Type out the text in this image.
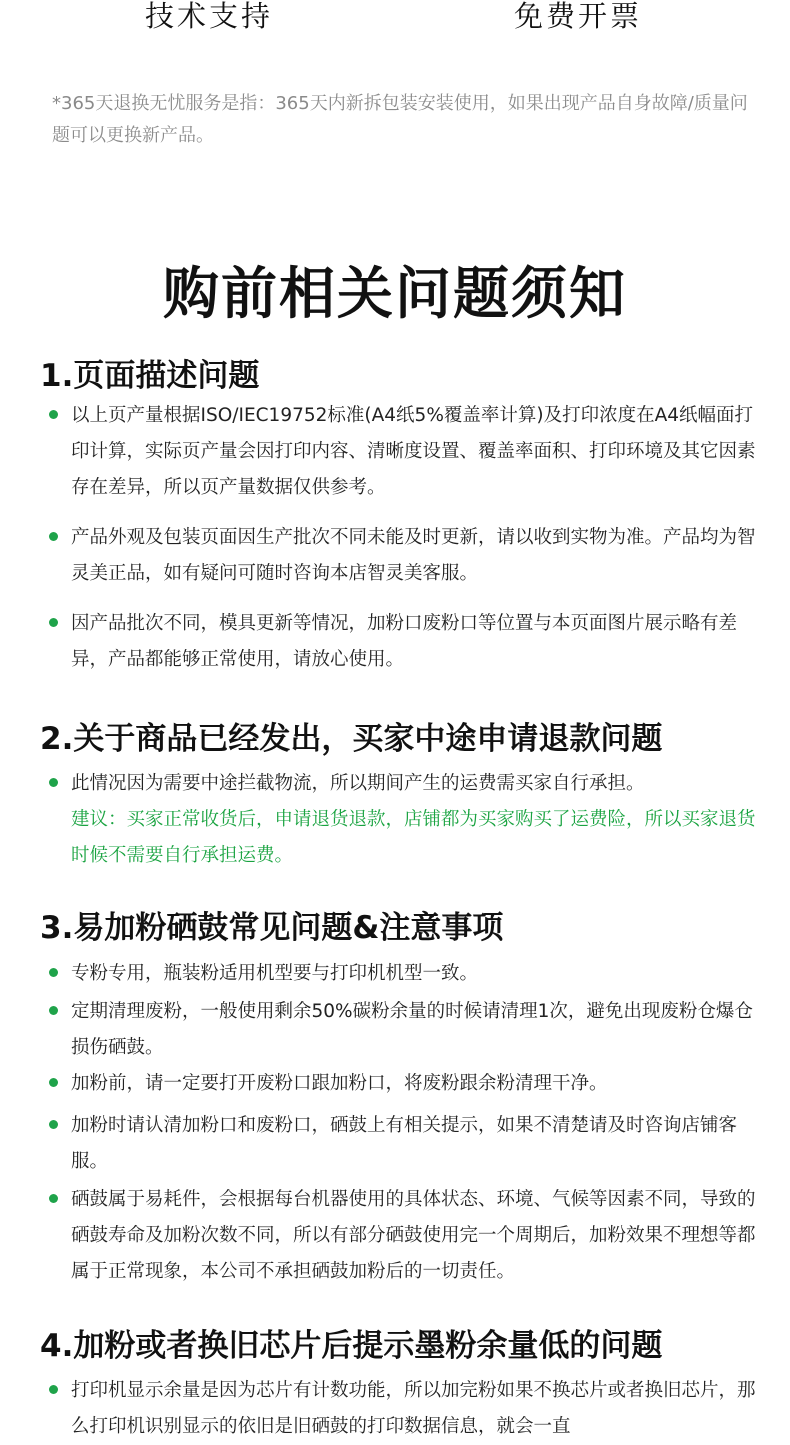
技术支持	免费开票
*365天退换无忧服务是指：365天内新拆包装安装使用，如果出现产品自身故障/质量问题可以更换新产品。
购前相关问题须知
1.页面描述问题
以上页产量根据ISO/IEC19752标准(A4纸5%覆盖率计算)及打印浓度在A4纸幅面打印计算，实际页产量会因打印内容、清晰度设置、覆盖率面积、打印环境及其它因素存在差异，所以页产量数据仅供参考。
产品外观及包装页面因生产批次不同未能及时更新，请以收到实物为准。产品均为智灵美正品，如有疑问可随时咨询本店智灵美客服。
因产品批次不同，模具更新等情况，加粉口废粉口等位置与本页面图片展示略有差异，产品都能够正常使用，请放心使用。
2.关于商品已经发出，买家中途申请退款问题
此情况因为需要中途拦截物流，所以期间产生的运费需买家自行承担。
建议：买家正常收货后，申请退货退款，店铺都为买家购买了运费险，所以买家退货时候不需要自行承担运费。
3.易加粉硒鼓常见问题&注意事项
专粉专用，瓶装粉适用机型要与打印机机型一致。
定期清理废粉，一般使用剩余50%碳粉余量的时候请清理1次，避免出现废粉仓爆仓损伤硒鼓。
加粉前，请一定要打开废粉口跟加粉口，将废粉跟余粉清理干净。
加粉时请认清加粉口和废粉口，硒鼓上有相关提示，如果不清楚请及时咨询店铺客服。
硒鼓属于易耗件，会根据每台机器使用的具体状态、环境、气候等因素不同，导致的硒鼓寿命及加粉次数不同，所以有部分硒鼓使用完一个周期后，加粉效果不理想等都属于正常现象，本公司不承担硒鼓加粉后的一切责任。
4.加粉或者换旧芯片后提示墨粉余量低的问题
打印机显示余量是因为芯片有计数功能，所以加完粉如果不换芯片或者换旧芯片，那么打印机识别显示的依旧是旧硒鼓的打印数据信息，就会一直
